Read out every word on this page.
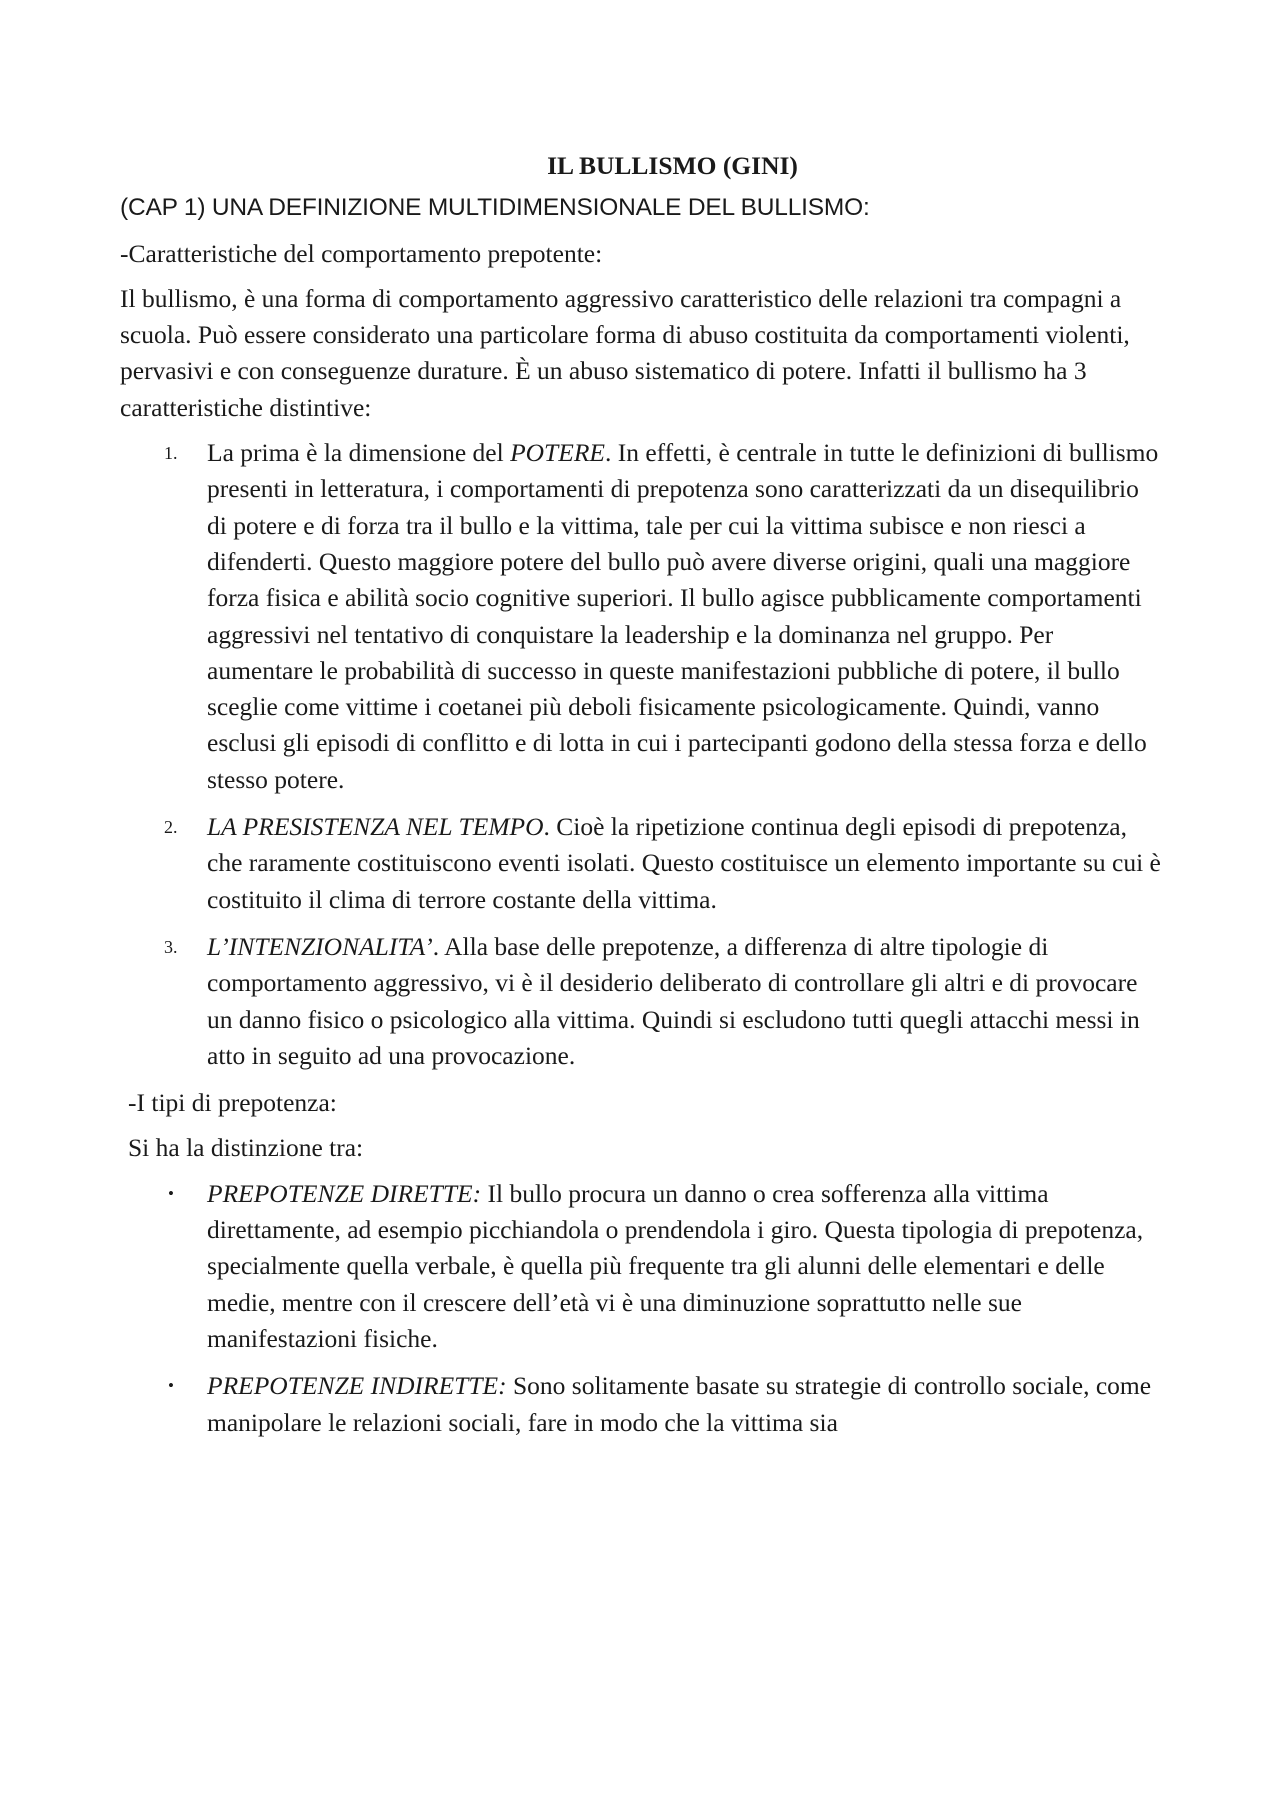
IL BULLISMO (GINI)
(CAP 1) UNA DEFINIZIONE MULTIDIMENSIONALE DEL BULLISMO:
-Caratteristiche del comportamento prepotente:

Il bullismo, è una forma di comportamento aggressivo caratteristico delle relazioni tra compagni a scuola. Può essere considerato una particolare forma di abuso costituita da comportamenti violenti, pervasivi e con conseguenze durature. È un abuso sistematico di potere. Infatti il bullismo ha 3 caratteristiche distintive:

1. La prima è la dimensione del POTERE. In effetti, è centrale in tutte le definizioni di bullismo presenti in letteratura, i comportamenti di prepotenza sono caratterizzati da un disequilibrio di potere e di forza tra il bullo e la vittima, tale per cui la vittima subisce e non riesci a difenderti. Questo maggiore potere del bullo può avere diverse origini, quali una maggiore forza fisica e abilità socio cognitive superiori. Il bullo agisce pubblicamente comportamenti aggressivi nel tentativo di conquistare la leadership e la dominanza nel gruppo. Per aumentare le probabilità di successo in queste manifestazioni pubbliche di potere, il bullo sceglie come vittime i coetanei più deboli fisicamente psicologicamente. Quindi, vanno esclusi gli episodi di conflitto e di lotta in cui i partecipanti godono della stessa forza e dello stesso potere.
2. LA PRESISTENZA NEL TEMPO. Cioè la ripetizione continua degli episodi di prepotenza, che raramente costituiscono eventi isolati. Questo costituisce un elemento importante su cui è costituito il clima di terrore costante della vittima.
3. L’INTENZIONALITA’. Alla base delle prepotenze, a differenza di altre tipologie di comportamento aggressivo, vi è il desiderio deliberato di controllare gli altri e di provocare un danno fisico o psicologico alla vittima. Quindi si escludono tutti quegli attacchi messi in atto in seguito ad una provocazione.
-I tipi di prepotenza:
Si ha la distinzione tra:
• PREPOTENZE DIRETTE: Il bullo procura un danno o crea sofferenza alla vittima direttamente, ad esempio picchiandola o prendendola i giro. Questa tipologia di prepotenza, specialmente quella verbale, è quella più frequente tra gli alunni delle elementari e delle medie, mentre con il crescere dell’età vi è una diminuzione soprattutto nelle sue manifestazioni fisiche.
• PREPOTENZE INDIRETTE: Sono solitamente basate su strategie di controllo sociale, come manipolare le relazioni sociali, fare in modo che la vittima sia
